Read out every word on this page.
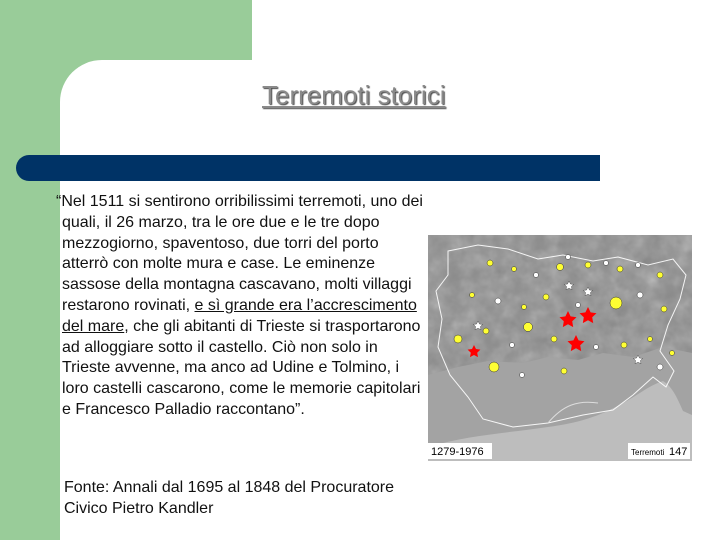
Terremoti storici

“Nel 1511 si sentirono orribilissimi terremoti, uno dei quali, il 26 marzo, tra le ore due e le tre dopo mezzogiorno, spaventoso, due torri del porto atterrò con molte mura e case. Le eminenze sassose della montagna cascavano, molti villaggi restarono rovinati, e sì grande era l’accrescimento del mare, che gli abitanti di Trieste si trasportarono ad alloggiare sotto il castello. Ciò non solo in Trieste avvenne, ma anco ad Udine e Tolmino, i loro castelli cascarono, come le memorie capitolari e Francesco Palladio raccontano”.

Fonte: Annali dal 1695 al 1848 del Procuratore Civico Pietro Kandler
1279-1976	Terremoti 147
